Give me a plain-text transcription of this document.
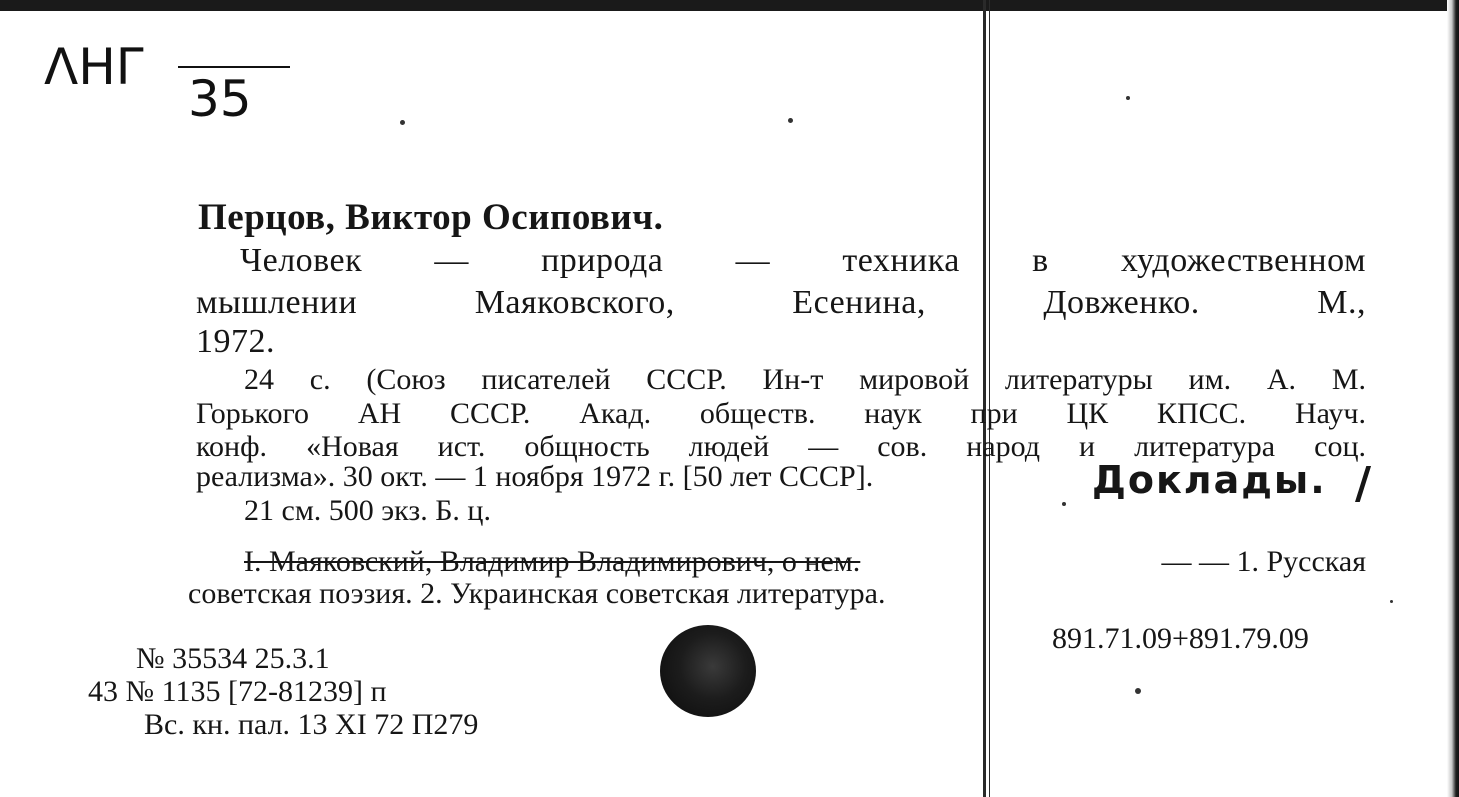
ΛНГ
35
Перцов, Виктор Осипович.
Человек — природа — техника в художественном
мышлении Маяковского, Есенина, Довженко. М.,
1972.
24 с. (Союз писателей СССР. Ин-т мировой литературы им. А. М.
Горького АН СССР. Акад. обществ. наук при ЦК КПСС. Науч.
конф. «Новая ист. общность людей — сов. народ и литература соц.
реализма». 30 окт. — 1 ноября 1972 г. [50 лет СССР].	Доклады. /
21 см. 500 экз. Б. ц.
I. Маяковский, Владимир Владимирович, о нем.	— — 1. Русская
советская поэзия. 2. Украинская советская литература.
891.71.09+891.79.09
№ 35534 25.3.1
43 № 1135 [72-81239] п
Вс. кн. пал. 13 XI 72 П279
